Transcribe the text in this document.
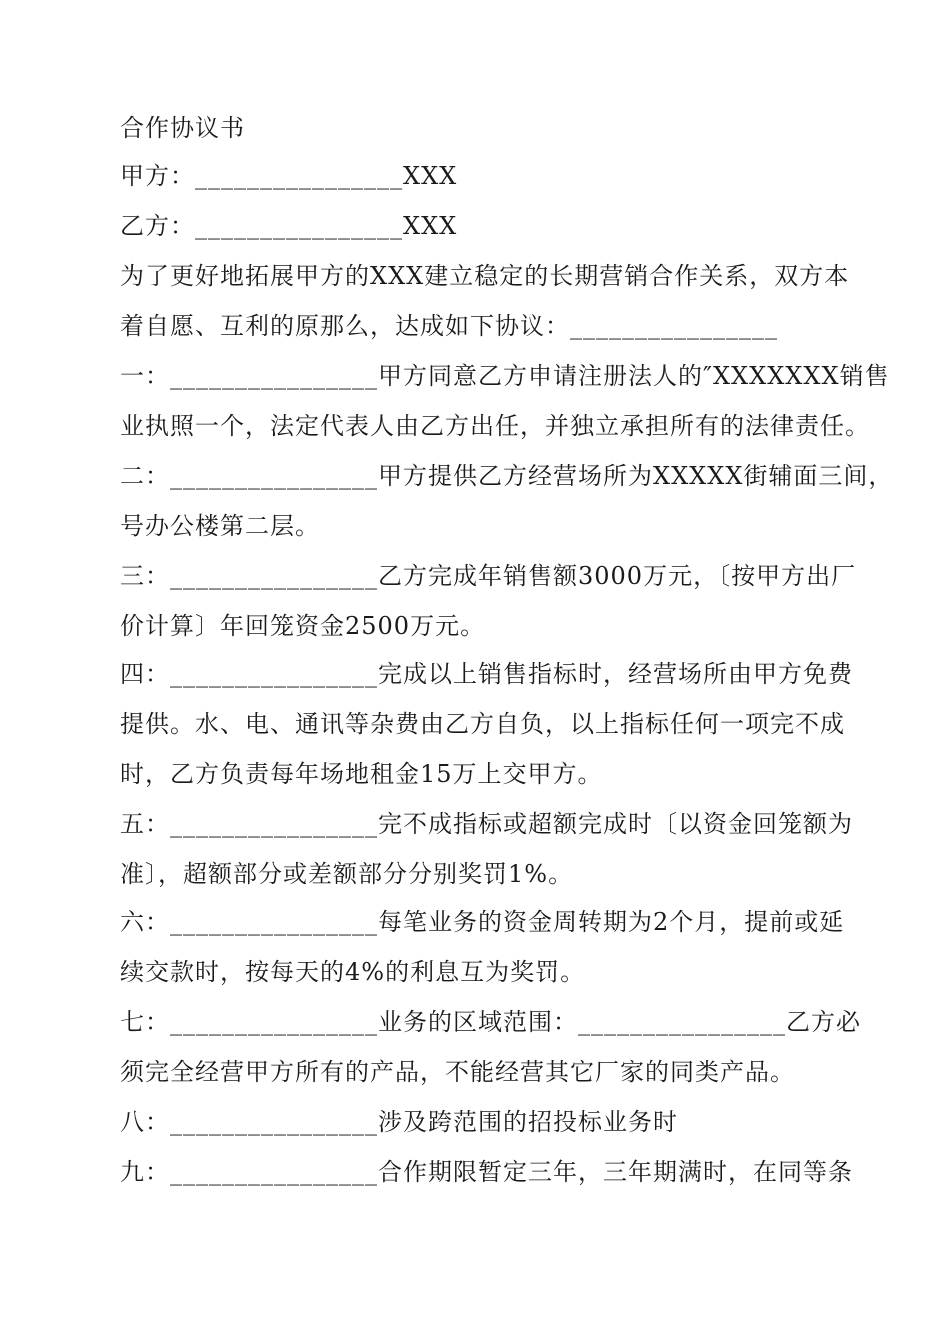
合作协议书
甲方：________________XXX
乙方：________________XXX
为了更好地拓展甲方的XXX建立稳定的长期营销合作关系，双方本
着自愿、互利的原那么，达成如下协议：________________
一：________________甲方同意乙方申请注册法人的″XXXXXXX销售
业执照一个，法定代表人由乙方出任，并独立承担所有的法律责任。
二：________________甲方提供乙方经营场所为XXXXX街辅面三间，
号办公楼第二层。
三：________________乙方完成年销售额3000万元，〔按甲方出厂
价计算〕年回笼资金2500万元。
四：________________完成以上销售指标时，经营场所由甲方免费
提供。水、电、通讯等杂费由乙方自负，以上指标任何一项完不成
时，乙方负责每年场地租金15万上交甲方。
五：________________完不成指标或超额完成时〔以资金回笼额为
准〕，超额部分或差额部分分别奖罚1%。
六：________________每笔业务的资金周转期为2个月，提前或延
续交款时，按每天的4%的利息互为奖罚。
七：________________业务的区域范围：________________乙方必
须完全经营甲方所有的产品，不能经营其它厂家的同类产品。
八：________________涉及跨范围的招投标业务时
九：________________合作期限暂定三年，三年期满时，在同等条
